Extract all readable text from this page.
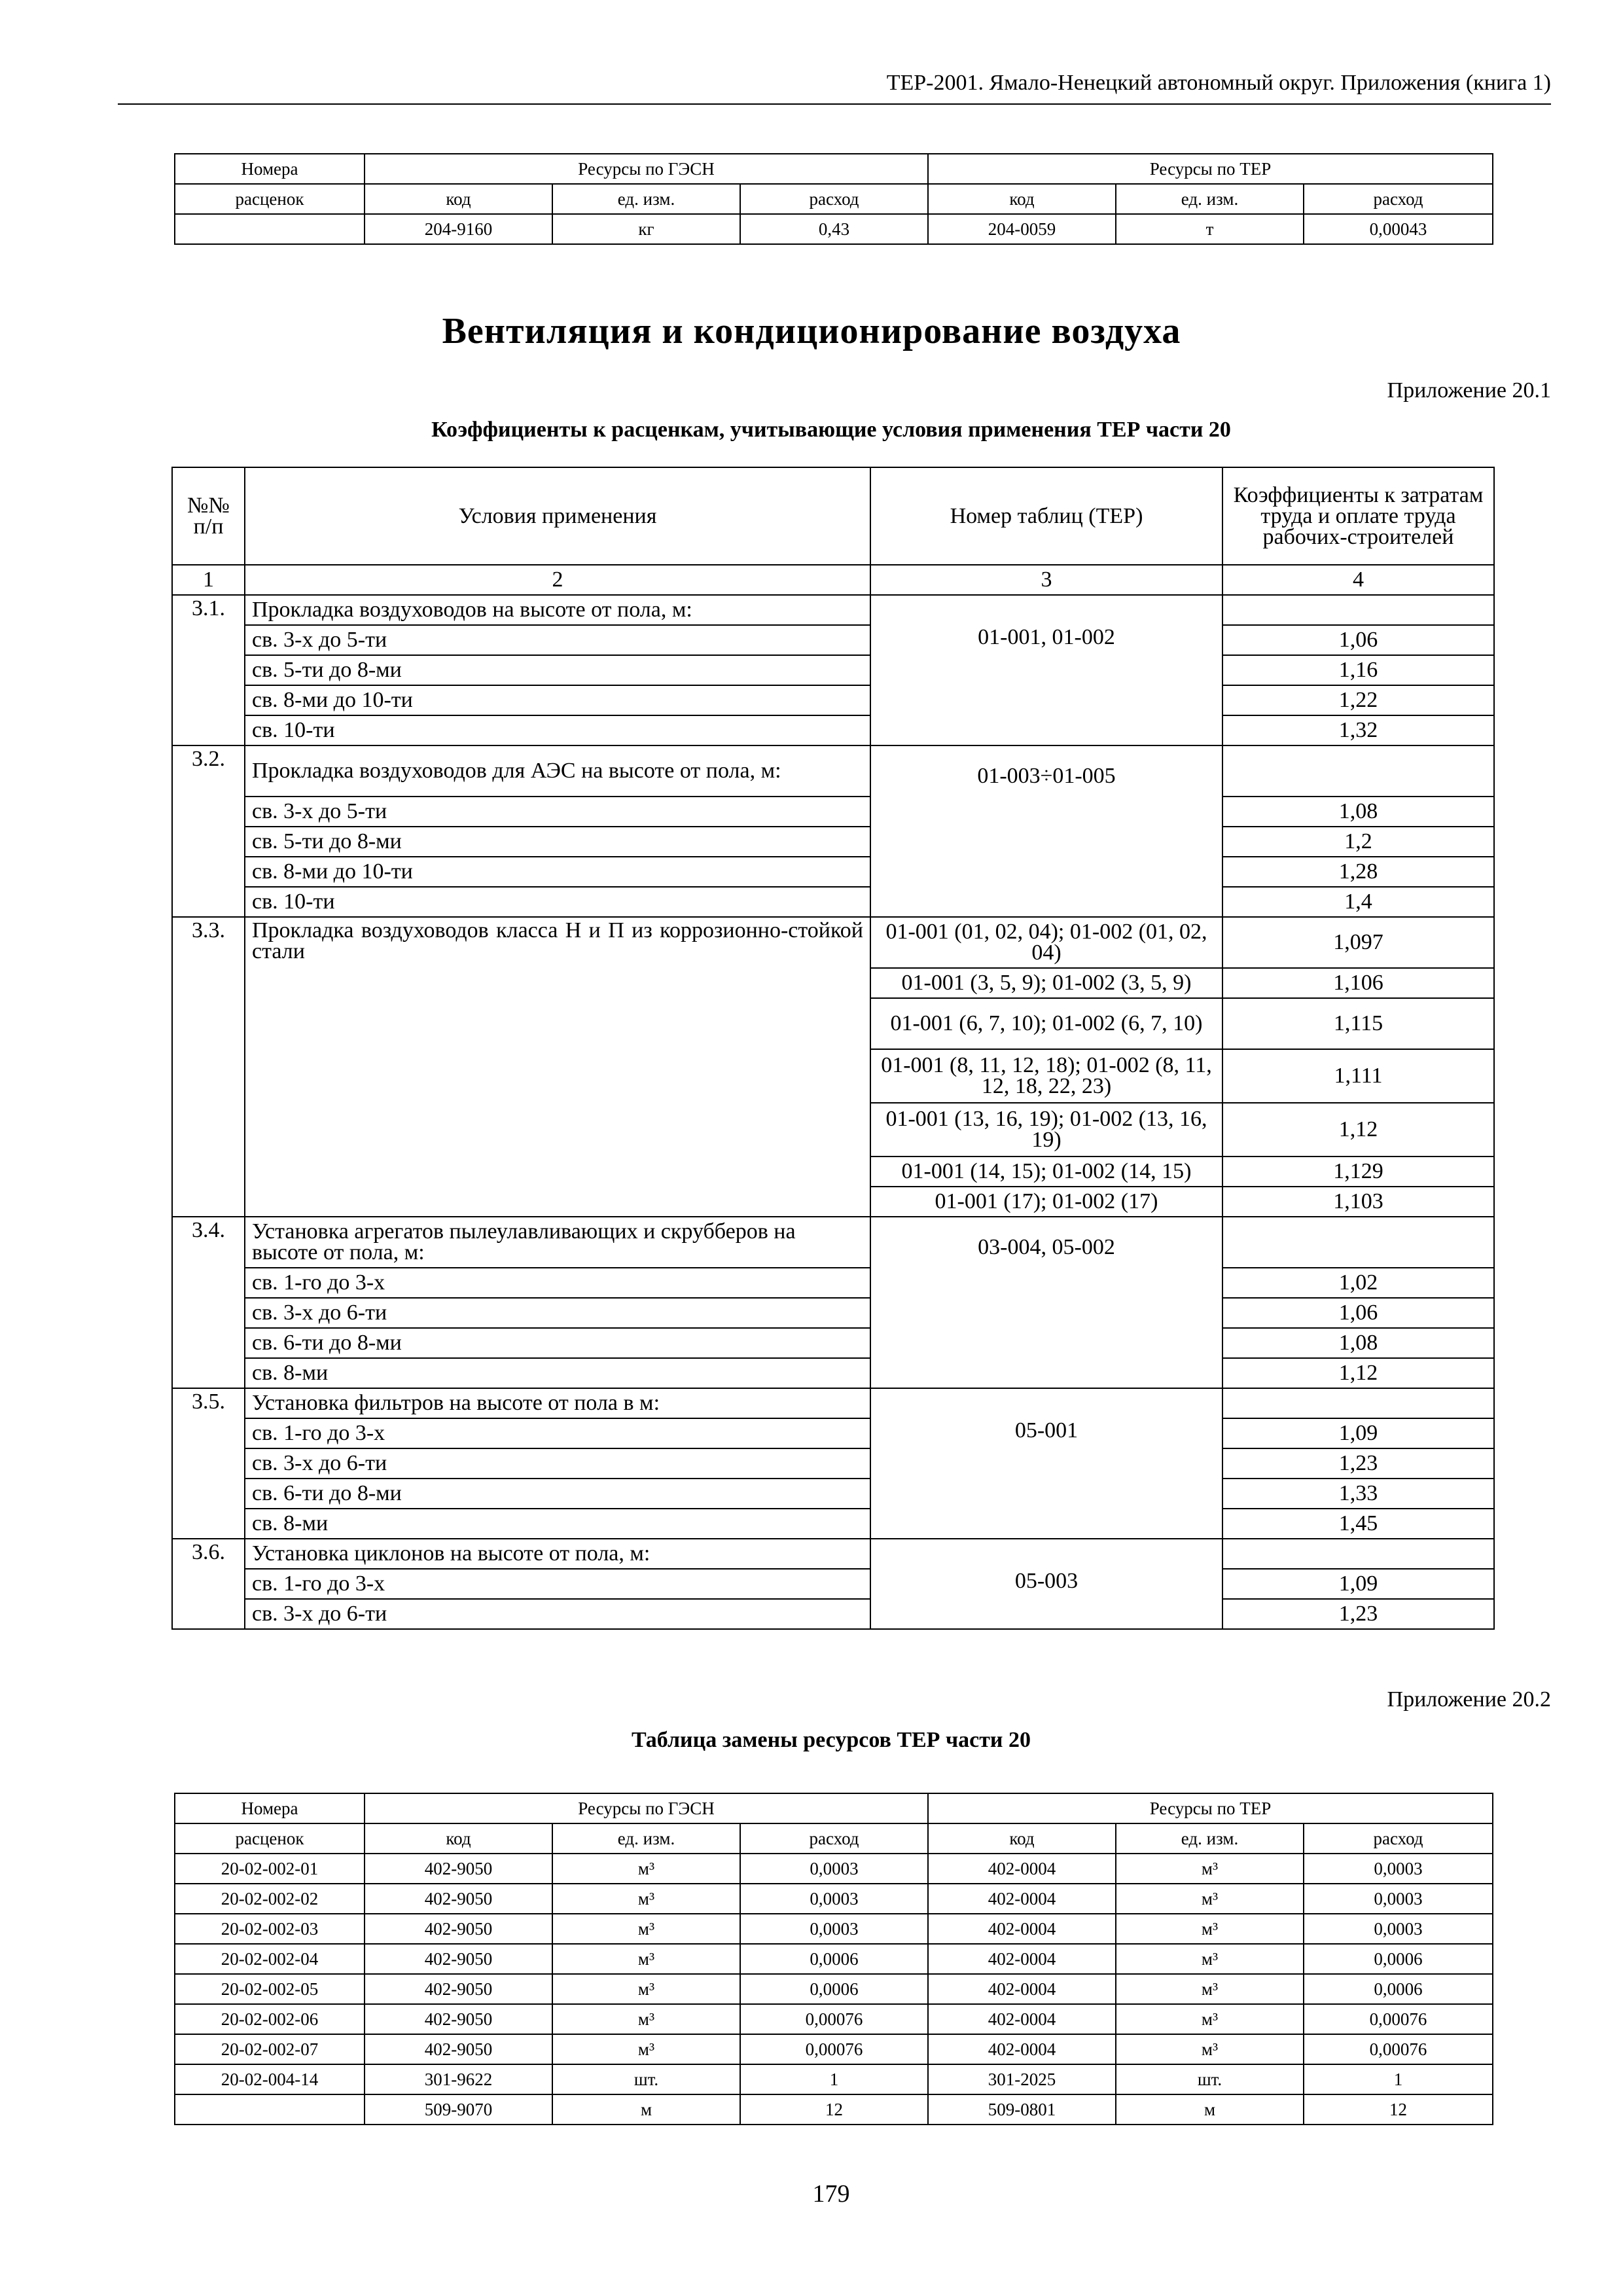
ТЕР-2001. Ямало-Ненецкий автономный округ. Приложения (книга 1)
Номера	Ресурсы по ГЭСН			Ресурсы по ТЕР		
расценок	код	ед. изм.	расход	код	ед. изм.	расход
	204-9160	кг	0,43	204-0059	т	0,00043
Вентиляция и кондиционирование воздуха
Приложение 20.1
Коэффициенты к расценкам, учитывающие условия применения ТЕР части 20
№№ п/п	Условия применения	Номер таблиц (ТЕР)	Коэффициенты к затратам труда и оплате труда рабочих-строителей
1	2	3	4
3.1.	Прокладка воздуховодов на высоте от пола, м:	01-001, 01-002	
	св. 3-х до 5-ти		1,06
	св. 5-ти до 8-ми		1,16
	св. 8-ми до 10-ти		1,22
	св. 10-ти		1,32
3.2.	Прокладка воздуховодов для АЭС на высоте от пола, м:	01-003÷01-005	
	св. 3-х до 5-ти		1,08
	св. 5-ти до 8-ми		1,2
	св. 8-ми до 10-ти		1,28
	св. 10-ти		1,4
3.3.	Прокладка воздуховодов класса Н и П из коррозионно-стойкой стали	01-001 (01, 02, 04); 01-002 (01, 02, 04)	1,097
		01-001 (3, 5, 9); 01-002 (3, 5, 9)	1,106
		01-001 (6, 7, 10); 01-002 (6, 7, 10)	1,115
		01-001 (8, 11, 12, 18); 01-002 (8, 11, 12, 18, 22, 23)	1,111
		01-001 (13, 16, 19); 01-002 (13, 16, 19)	1,12
		01-001 (14, 15); 01-002 (14, 15)	1,129
		01-001 (17); 01-002 (17)	1,103
3.4.	Установка агрегатов пылеулавливающих и скрубберов на высоте от пола, м:	03-004, 05-002	
	св. 1-го до 3-х		1,02
	св. 3-х до 6-ти		1,06
	св. 6-ти до 8-ми		1,08
	св. 8-ми		1,12
3.5.	Установка фильтров на высоте от пола в м:	05-001	
	св. 1-го до 3-х		1,09
	св. 3-х до 6-ти		1,23
	св. 6-ти до 8-ми		1,33
	св. 8-ми		1,45
3.6.	Установка циклонов на высоте от пола, м:	05-003	
	св. 1-го до 3-х		1,09
	св. 3-х до 6-ти		1,23
Приложение 20.2
Таблица замены ресурсов ТЕР части 20
Номера	Ресурсы по ГЭСН			Ресурсы по ТЕР		
расценок	код	ед. изм.	расход	код	ед. изм.	расход
20-02-002-01	402-9050	м³	0,0003	402-0004	м³	0,0003
20-02-002-02	402-9050	м³	0,0003	402-0004	м³	0,0003
20-02-002-03	402-9050	м³	0,0003	402-0004	м³	0,0003
20-02-002-04	402-9050	м³	0,0006	402-0004	м³	0,0006
20-02-002-05	402-9050	м³	0,0006	402-0004	м³	0,0006
20-02-002-06	402-9050	м³	0,00076	402-0004	м³	0,00076
20-02-002-07	402-9050	м³	0,00076	402-0004	м³	0,00076
20-02-004-14	301-9622	шт.	1	301-2025	шт.	1
	509-9070	м	12	509-0801	м	12
179
